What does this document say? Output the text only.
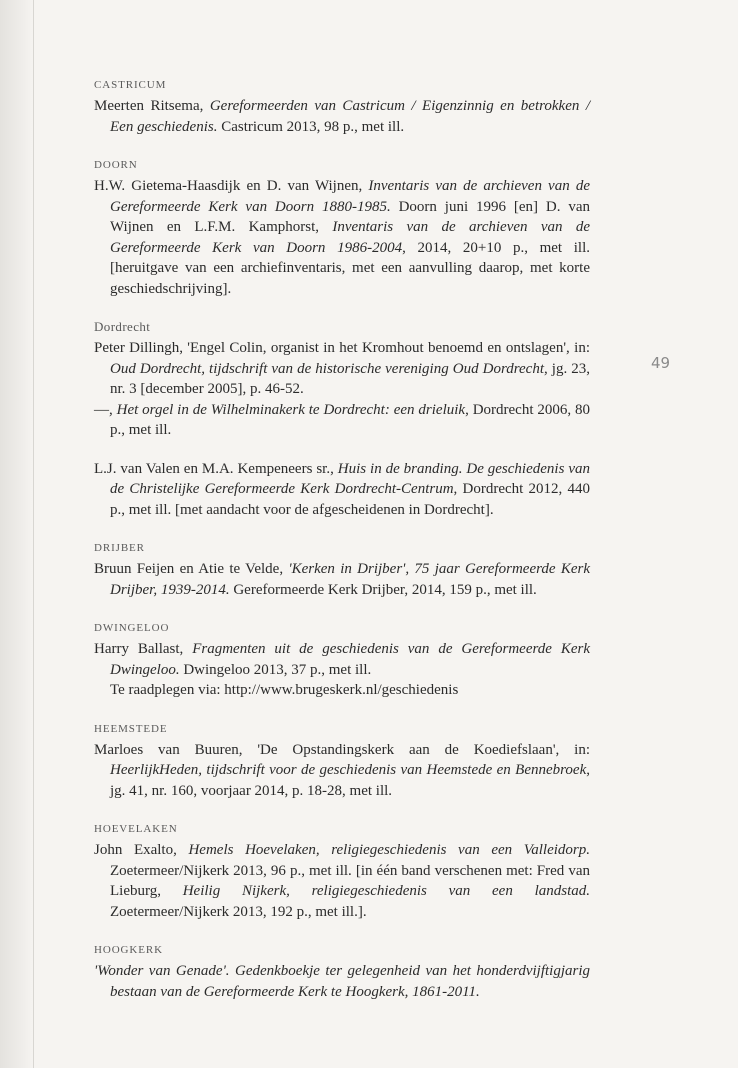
49
CASTRICUM

Meerten Ritsema, Gereformeerden van Castricum / Eigenzinnig en betrokken / Een geschiedenis. Castricum 2013, 98 p., met ill.

DOORN

H.W. Gietema-Haasdijk en D. van Wijnen, Inventaris van de archieven van de Gereformeerde Kerk van Doorn 1880-1985. Doorn juni 1996 [en] D. van Wijnen en L.F.M. Kamphorst, Inventaris van de archieven van de Gereformeerde Kerk van Doorn 1986-2004, 2014, 20+10 p., met ill. [heruitgave van een archiefinventaris, met een aanvulling daarop, met korte geschiedschrijving].

Dordrecht

Peter Dillingh, 'Engel Colin, organist in het Kromhout benoemd en ontslagen', in: Oud Dordrecht, tijdschrift van de historische vereniging Oud Dordrecht, jg. 23, nr. 3 [december 2005], p. 46-52.

—, Het orgel in de Wilhelminakerk te Dordrecht: een drieluik, Dordrecht 2006, 80 p., met ill.

L.J. van Valen en M.A. Kempeneers sr., Huis in de branding. De geschiedenis van de Christelijke Gereformeerde Kerk Dordrecht-Centrum, Dordrecht 2012, 440 p., met ill. [met aandacht voor de afgescheidenen in Dordrecht].

DRIJBER

Bruun Feijen en Atie te Velde, 'Kerken in Drijber', 75 jaar Gereformeerde Kerk Drijber, 1939-2014. Gereformeerde Kerk Drijber, 2014, 159 p., met ill.

DWINGELOO

Harry Ballast, Fragmenten uit de geschiedenis van de Gereformeerde Kerk Dwingeloo. Dwingeloo 2013, 37 p., met ill.
Te raadplegen via: http://www.brugeskerk.nl/geschiedenis

HEEMSTEDE

Marloes van Buuren, 'De Opstandingskerk aan de Koediefslaan', in: HeerlijkHeden, tijdschrift voor de geschiedenis van Heemstede en Bennebroek, jg. 41, nr. 160, voorjaar 2014, p. 18-28, met ill.

HOEVELAKEN

John Exalto, Hemels Hoevelaken, religiegeschiedenis van een Valleidorp. Zoetermeer/Nijkerk 2013, 96 p., met ill. [in één band verschenen met: Fred van Lieburg, Heilig Nijkerk, religiegeschiedenis van een landstad. Zoetermeer/Nijkerk 2013, 192 p., met ill.].

HOOGKERK

'Wonder van Genade'. Gedenkboekje ter gelegenheid van het honderdvijftigjarig bestaan van de Gereformeerde Kerk te Hoogkerk, 1861-2011.
